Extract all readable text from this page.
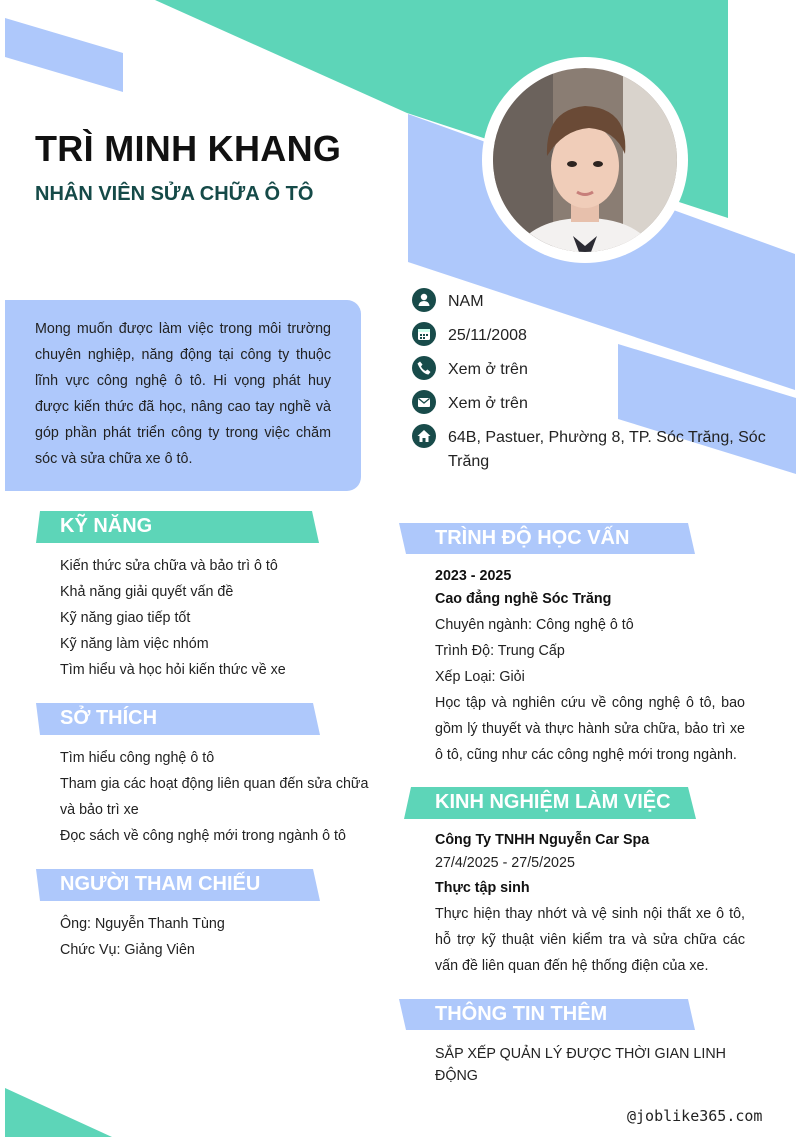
TRÌ MINH KHANG
NHÂN VIÊN SỬA CHỮA Ô TÔ

Mong muốn được làm việc trong môi trường chuyên nghiệp, năng động tại công ty thuộc lĩnh vực công nghệ ô tô. Hi vọng phát huy được kiến thức đã học, nâng cao tay nghề và góp phần phát triển công ty trong việc chăm sóc và sửa chữa xe ô tô.

NAM
25/11/2008
Xem ở trên
Xem ở trên
64B, Pastuer, Phường 8, TP. Sóc Trăng, Sóc Trăng
KỸ NĂNG
Kiến thức sửa chữa và bảo trì ô tô
Khả năng giải quyết vấn đề
Kỹ năng giao tiếp tốt
Kỹ năng làm việc nhóm
Tìm hiểu và học hỏi kiến thức về xe
SỞ THÍCH
Tìm hiểu công nghệ ô tô
Tham gia các hoạt động liên quan đến sửa chữa
và bảo trì xe
Đọc sách về công nghệ mới trong ngành ô tô
NGƯỜI THAM CHIẾU
Ông: Nguyễn Thanh Tùng
Chức Vụ: Giảng Viên
TRÌNH ĐỘ HỌC VẤN
2023 - 2025
Cao đẳng nghề Sóc Trăng
Chuyên ngành: Công nghệ ô tô
Trình Độ: Trung Cấp
Xếp Loại: Giỏi
Học tập và nghiên cứu về công nghệ ô tô, bao gồm lý thuyết và thực hành sửa chữa, bảo trì xe ô tô, cũng như các công nghệ mới trong ngành.
KINH NGHIỆM LÀM VIỆC
Công Ty TNHH Nguyễn Car Spa
27/4/2025 - 27/5/2025
Thực tập sinh
Thực hiện thay nhớt và vệ sinh nội thất xe ô tô, hỗ trợ kỹ thuật viên kiểm tra và sửa chữa các vấn đề liên quan đến hệ thống điện của xe.
THÔNG TIN THÊM
SẮP XẾP QUẢN LÝ ĐƯỢC THỜI GIAN LINH ĐỘNG
@joblike365.com
